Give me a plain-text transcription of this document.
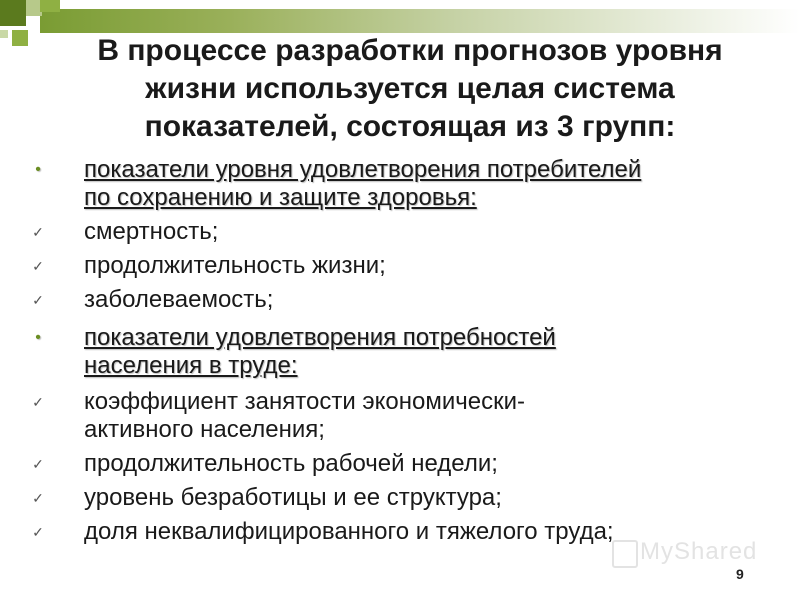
В процессе разработки прогнозов уровня
жизни используется целая система
показателей, состоящая из 3 групп:
•	показатели уровня удовлетворения потребителей
по сохранению и защите здоровья:
✓ смертность;
✓ продолжительность жизни;
✓ заболеваемость;
•	показатели удовлетворения потребностей
населения в труде:
✓ коэффициент занятости экономически-
активного населения;
✓ продолжительность рабочей недели;
✓ уровень безработицы и ее структура;
✓ доля неквалифицированного и тяжелого труда;
MyShared
9
